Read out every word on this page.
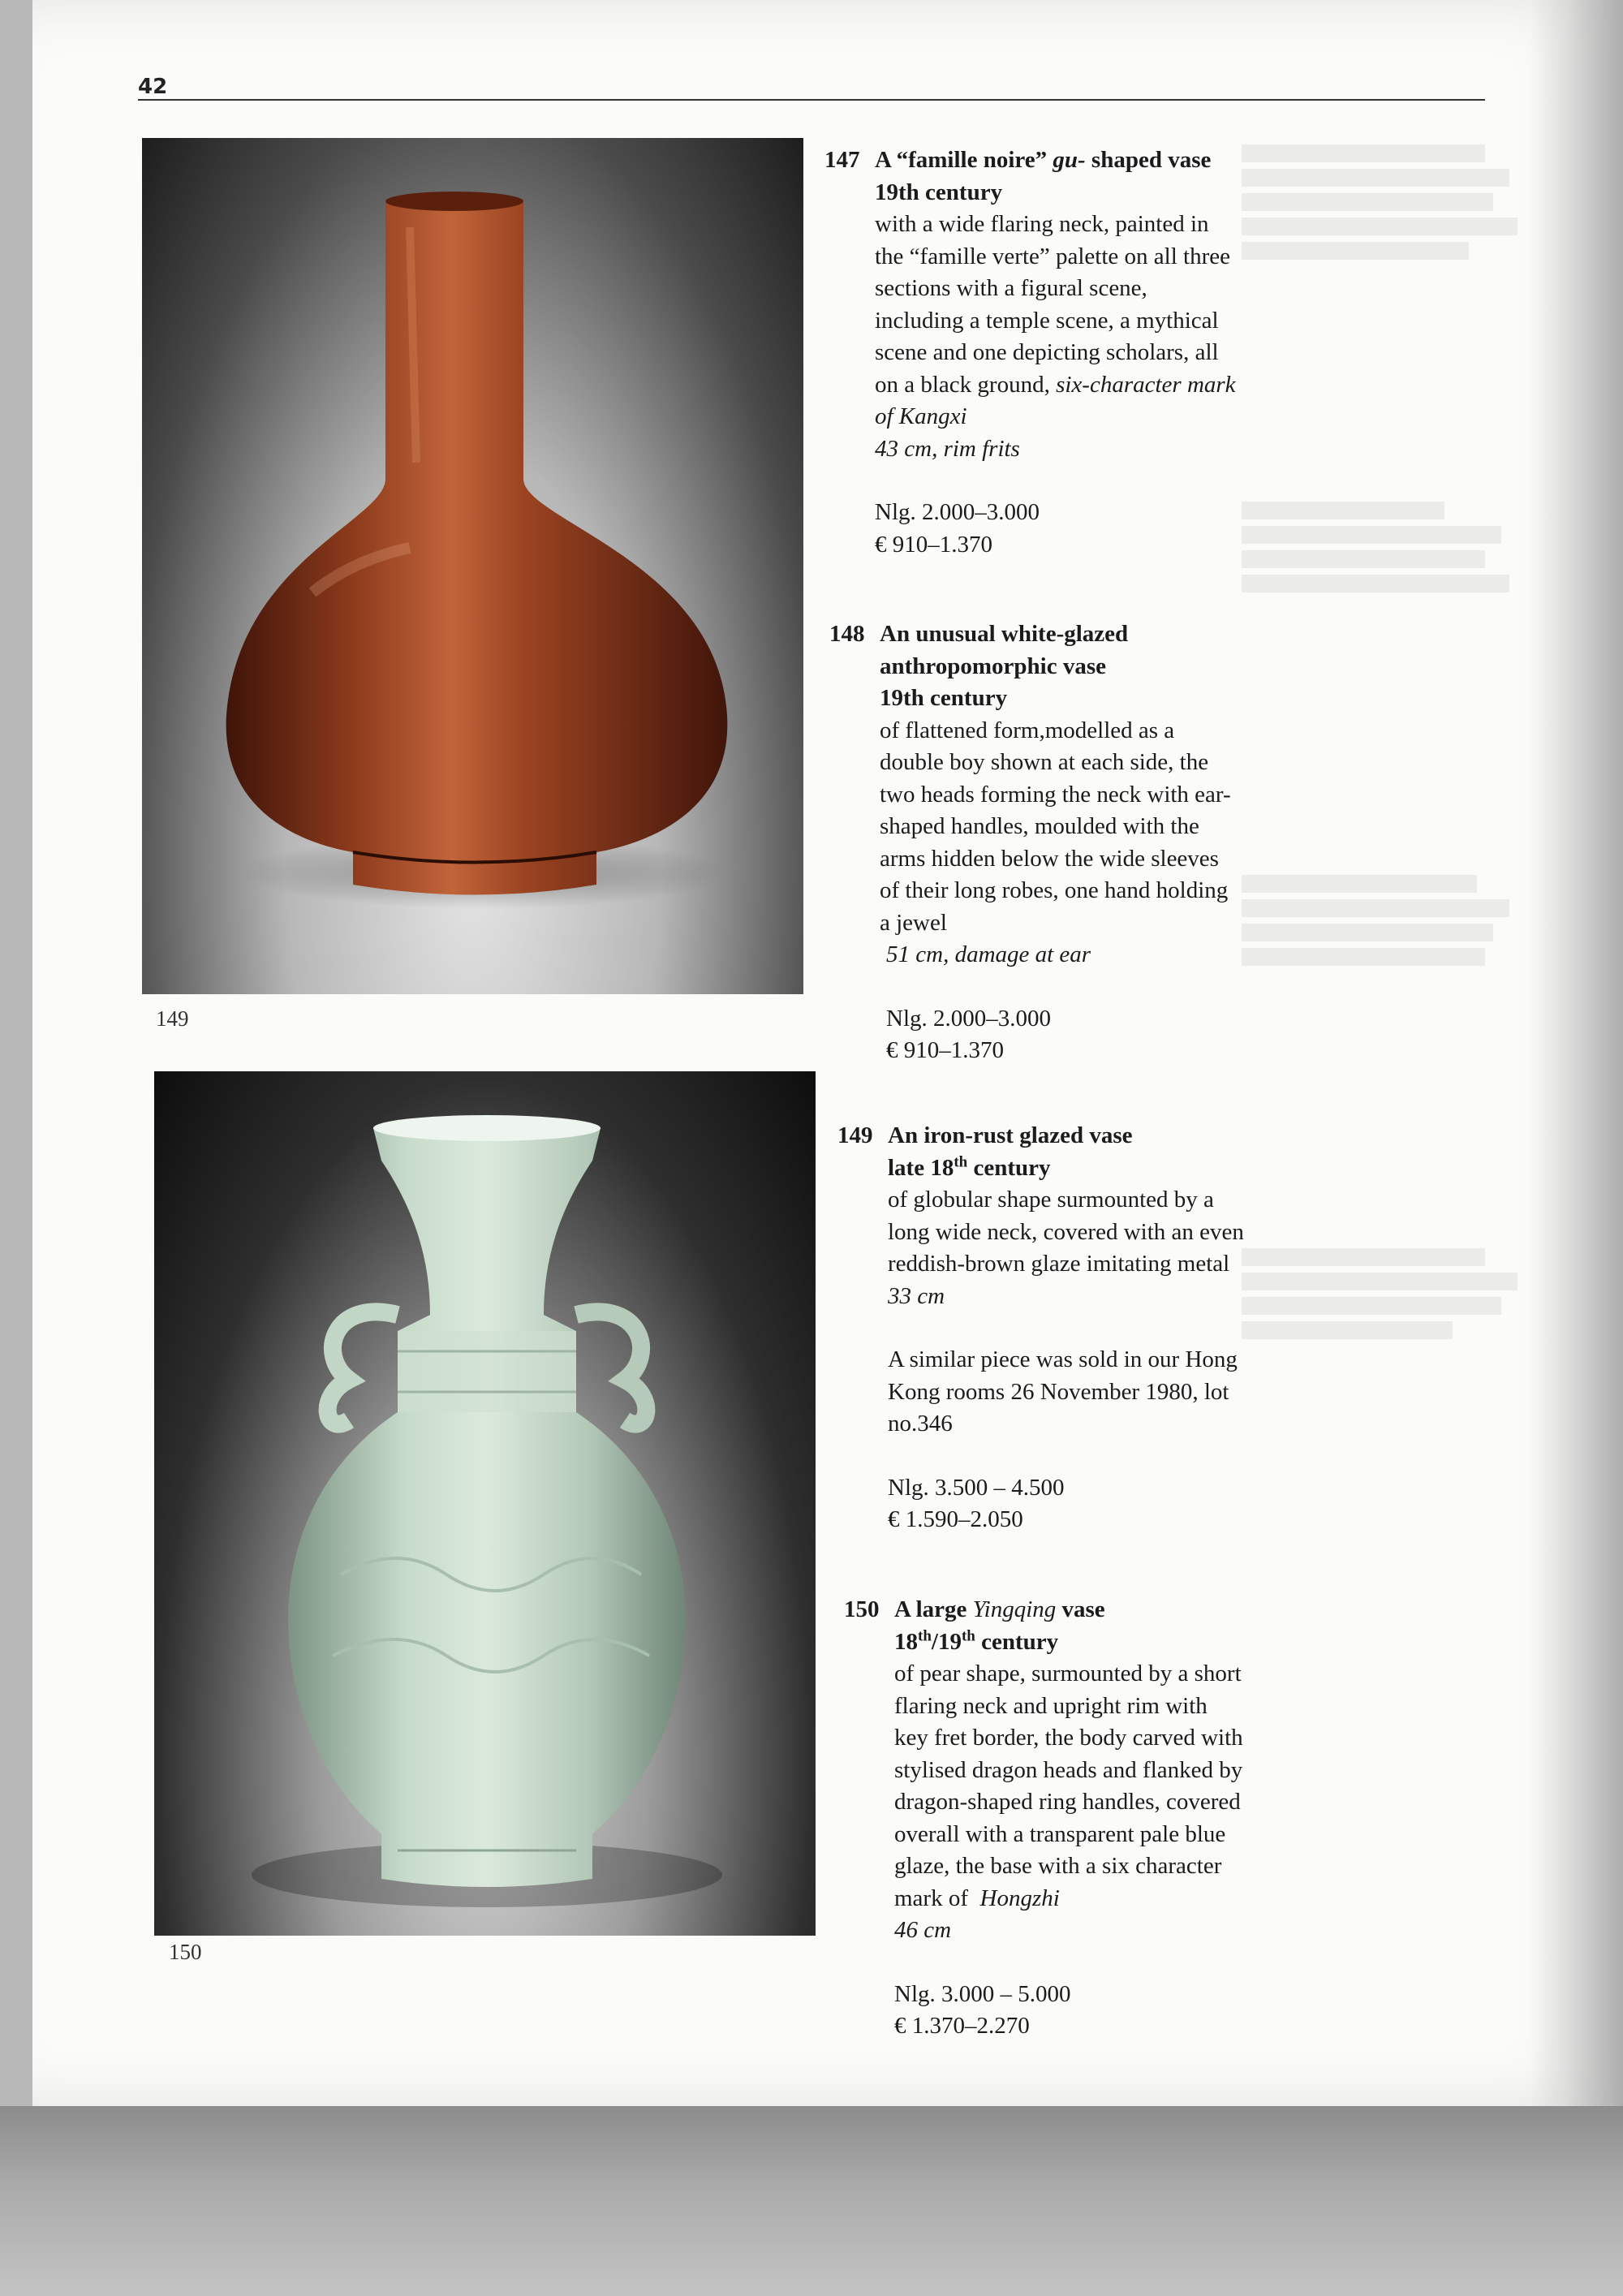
42
149
150
147 A “famille noire” gu- shaped vase
19th century
with a wide flaring neck, painted in
the “famille verte” palette on all three
sections with a figural scene,
including a temple scene, a mythical
scene and one depicting scholars, all
on a black ground, six-character mark
of Kangxi
43 cm, rim frits
Nlg. 2.000–3.000
€ 910–1.370
148 An unusual white-glazed
anthropomorphic vase
19th century
of flattened form,modelled as a
double boy shown at each side, the
two heads forming the neck with ear-
shaped handles, moulded with the
arms hidden below the wide sleeves
of their long robes, one hand holding
a jewel
51 cm, damage at ear
Nlg. 2.000–3.000
€ 910–1.370
149 An iron-rust glazed vase
late 18th century
of globular shape surmounted by a
long wide neck, covered with an even
reddish-brown glaze imitating metal
33 cm
A similar piece was sold in our Hong
Kong rooms 26 November 1980, lot
no.346
Nlg. 3.500 – 4.500
€ 1.590–2.050
150 A large Yingqing vase
18th/19th century
of pear shape, surmounted by a short
flaring neck and upright rim with
key fret border, the body carved with
stylised dragon heads and flanked by
dragon-shaped ring handles, covered
overall with a transparent pale blue
glaze, the base with a six character
mark of  Hongzhi
46 cm
Nlg. 3.000 – 5.000
€ 1.370–2.270
